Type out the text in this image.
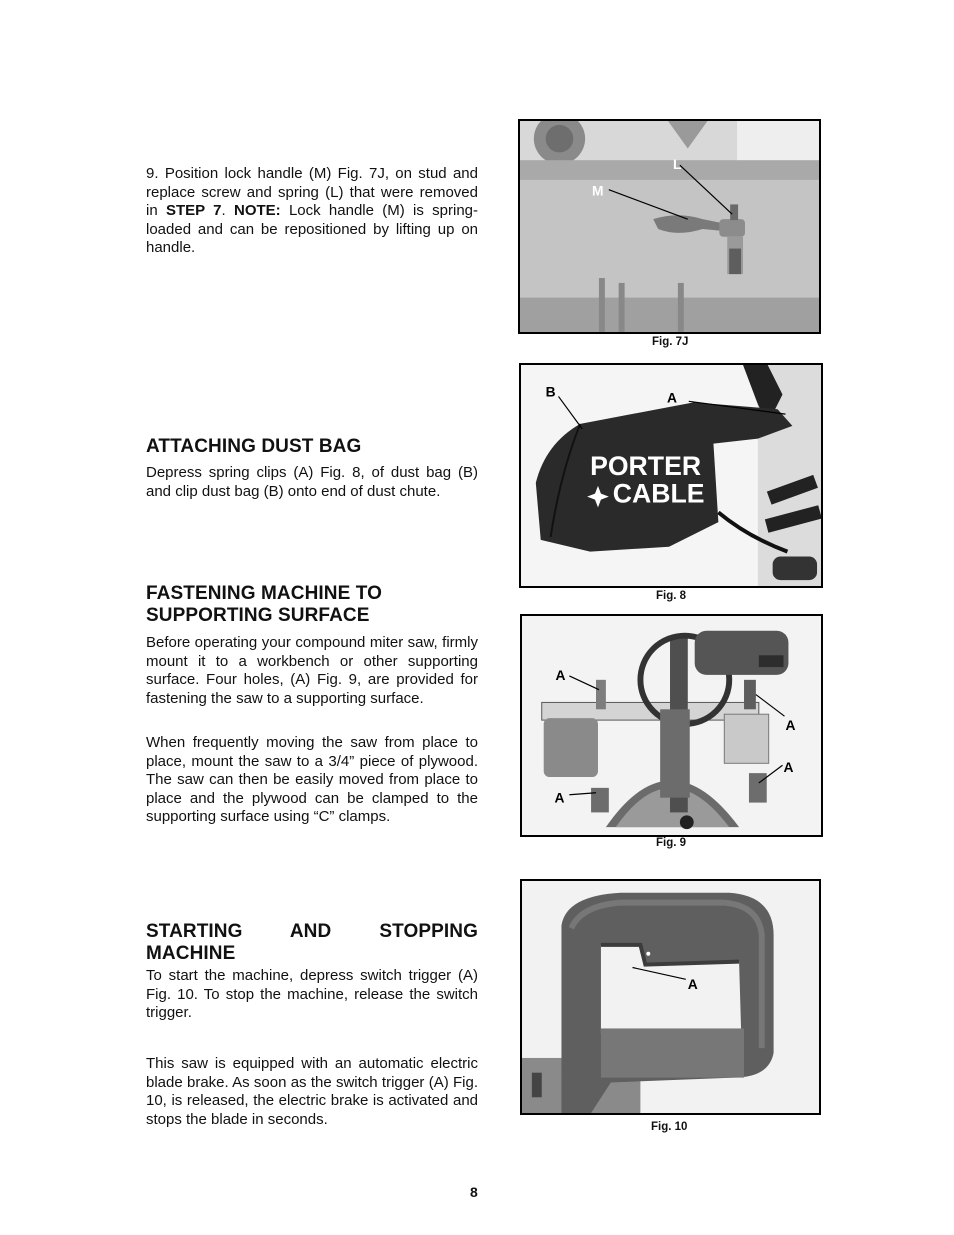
9. Position lock handle (M) Fig. 7J, on stud and replace screw and spring (L) that were removed in STEP 7. NOTE: Lock handle (M) is spring-loaded and can be repositioned by lifting up on handle.

M
L

Fig. 7J

ATTACHING DUST BAG

Depress spring clips (A) Fig. 8, of dust bag (B) and clip dust bag (B) onto end of dust chute.

PORTER
CABLE
B	A

Fig. 8

FASTENING MACHINE TO
SUPPORTING SURFACE

Before operating your compound miter saw, firmly mount it to a workbench or other supporting surface. Four holes, (A) Fig. 9, are provided for fastening the saw to a supporting surface.

When frequently moving the saw from place to place, mount the saw to a 3/4” piece of plywood. The saw can then be easily moved from place to place and the plywood can be clamped to the supporting surface using “C” clamps.

A
A
A
A

Fig. 9

STARTING AND STOPPING
MACHINE

To start the machine, depress switch trigger (A) Fig. 10. To stop the machine, release the switch trigger.

This saw is equipped with an automatic electric blade brake. As soon as the switch trigger (A) Fig. 10, is released, the electric brake is activated and stops the blade in seconds.

A

Fig. 10

8
